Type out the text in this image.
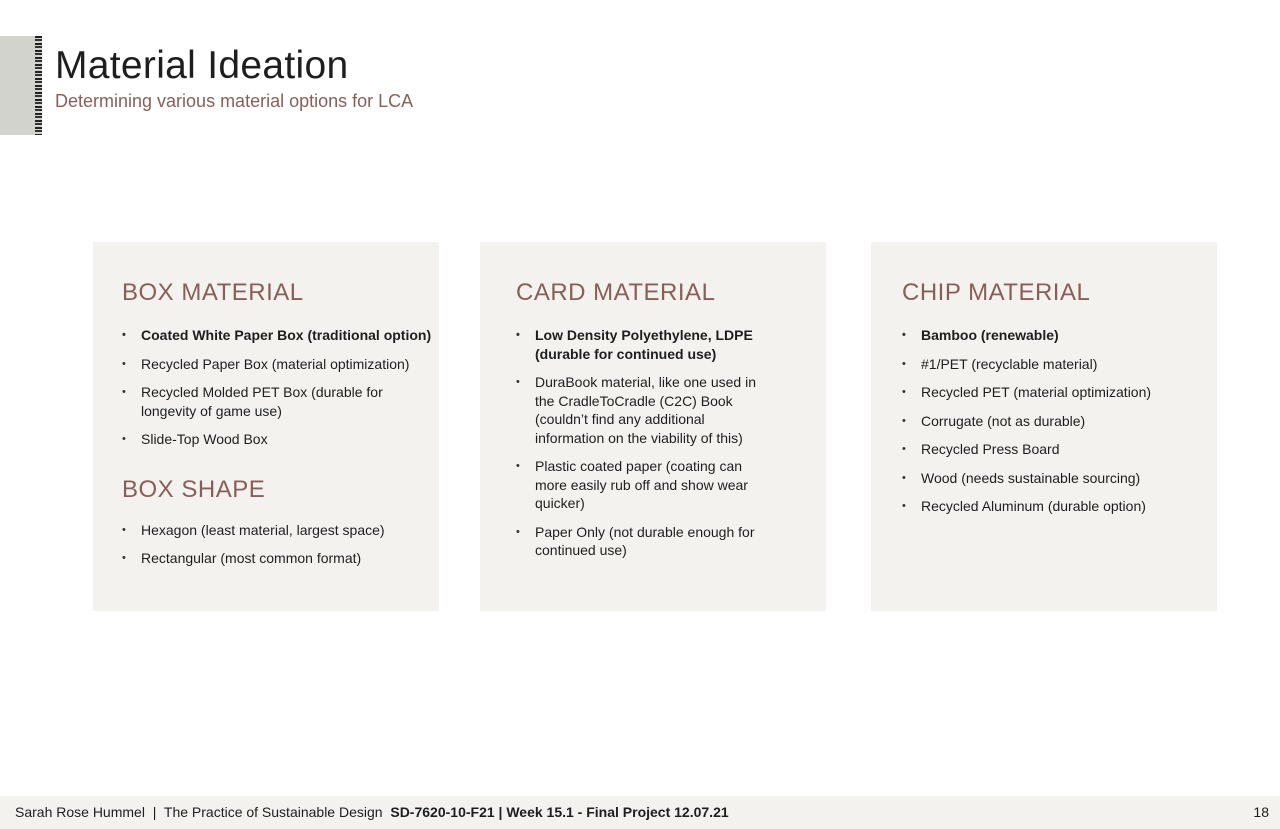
Material Ideation

Determining various material options for LCA

BOX MATERIAL
• Coated White Paper Box (traditional option)
• Recycled Paper Box (material optimization)
• Recycled Molded PET Box (durable for longevity of game use)
• Slide-Top Wood Box
BOX SHAPE
• Hexagon (least material, largest space)
• Rectangular (most common format)
CARD MATERIAL
• Low Density Polyethylene, LDPE (durable for continued use)
• DuraBook material, like one used in the CradleToCradle (C2C) Book (couldn’t find any additional information on the viability of this)
• Plastic coated paper (coating can more easily rub off and show wear quicker)
• Paper Only (not durable enough for continued use)
CHIP MATERIAL
• Bamboo (renewable)
• #1/PET (recyclable material)
• Recycled PET (material optimization)
• Corrugate (not as durable)
• Recycled Press Board
• Wood (needs sustainable sourcing)
• Recycled Aluminum (durable option)
Sarah Rose Hummel | The Practice of Sustainable Design SD-7620-10-F21 | Week 15.1 - Final Project 12.07.21	18
